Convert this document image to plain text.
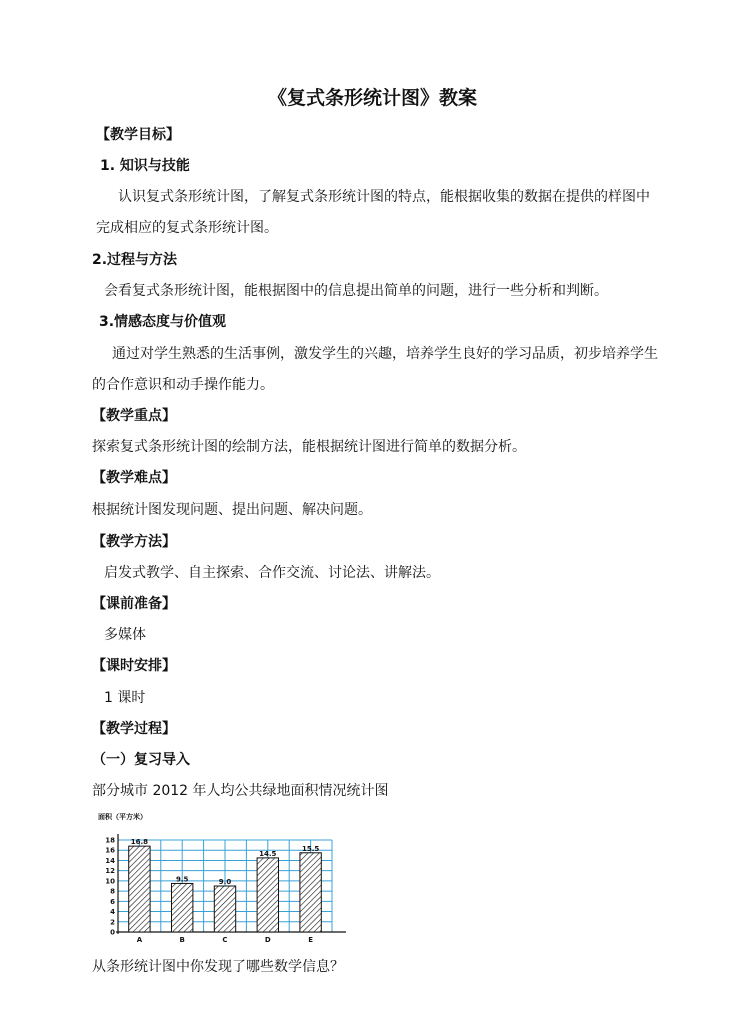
《复式条形统计图》教案
【教学目标】
1. 知识与技能
认识复式条形统计图，了解复式条形统计图的特点，能根据收集的数据在提供的样图中
完成相应的复式条形统计图。
2.过程与方法
会看复式条形统计图，能根据图中的信息提出简单的问题，进行一些分析和判断。
3.情感态度与价值观
通过对学生熟悉的生活事例，激发学生的兴趣，培养学生良好的学习品质，初步培养学生
的合作意识和动手操作能力。
【教学重点】
探索复式条形统计图的绘制方法，能根据统计图进行简单的数据分析。
【教学难点】
根据统计图发现问题、提出问题、解决问题。
【教学方法】
启发式教学、自主探索、合作交流、讨论法、讲解法。
【课前准备】
多媒体
【课时安排】
1 课时
【教学过程】
（一）复习导入
部分城市 2012 年人均公共绿地面积情况统计图
面积（平方米）
0
2
4
6
8
10
12
14
16
18 16.8
A
9.5
B
9.0
C
14.5
D
15.5
E
从条形统计图中你发现了哪些数学信息？
